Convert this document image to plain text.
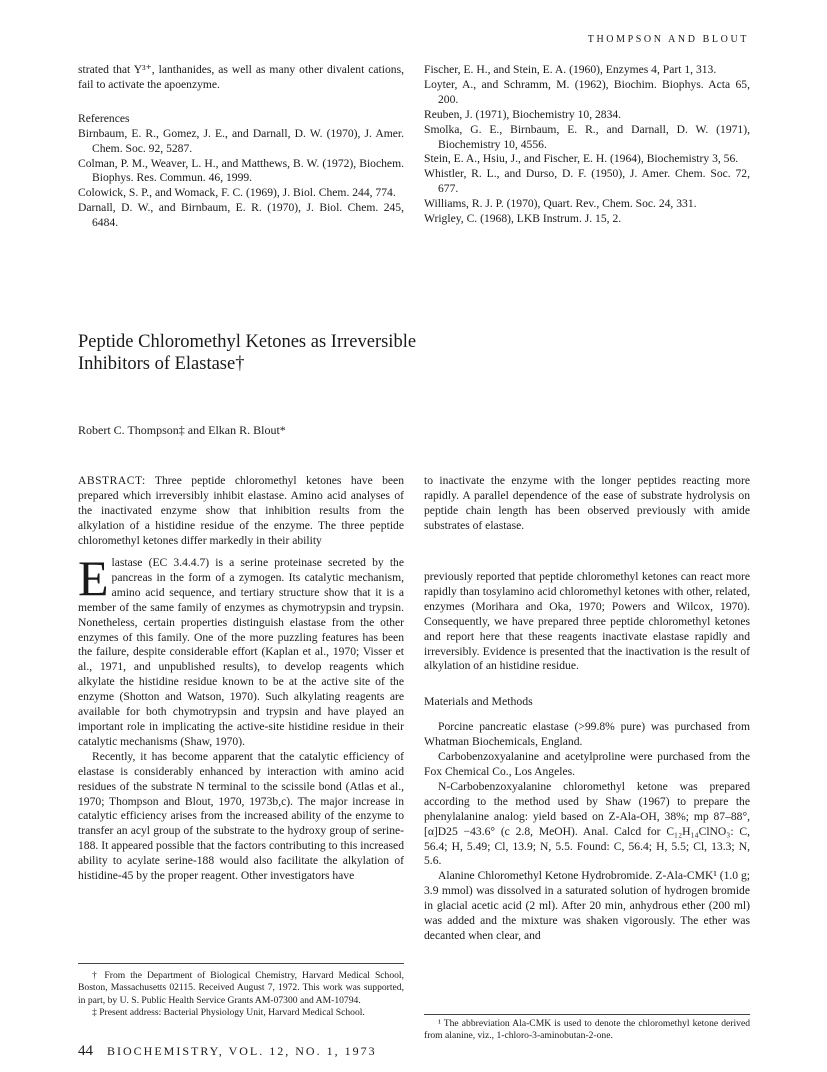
THOMPSON AND BLOUT

strated that Y³⁺, lanthanides, as well as many other divalent cations, fail to activate the apoenzyme.

References

Birnbaum, E. R., Gomez, J. E., and Darnall, D. W. (1970), J. Amer. Chem. Soc. 92, 5287.

Colman, P. M., Weaver, L. H., and Matthews, B. W. (1972), Biochem. Biophys. Res. Commun. 46, 1999.

Colowick, S. P., and Womack, F. C. (1969), J. Biol. Chem. 244, 774.

Darnall, D. W., and Birnbaum, E. R. (1970), J. Biol. Chem. 245, 6484.

Fischer, E. H., and Stein, E. A. (1960), Enzymes 4, Part 1, 313.

Loyter, A., and Schramm, M. (1962), Biochim. Biophys. Acta 65, 200.

Reuben, J. (1971), Biochemistry 10, 2834.

Smolka, G. E., Birnbaum, E. R., and Darnall, D. W. (1971), Biochemistry 10, 4556.

Stein, E. A., Hsiu, J., and Fischer, E. H. (1964), Biochemistry 3, 56.

Whistler, R. L., and Durso, D. F. (1950), J. Amer. Chem. Soc. 72, 677.

Williams, R. J. P. (1970), Quart. Rev., Chem. Soc. 24, 331.

Wrigley, C. (1968), LKB Instrum. J. 15, 2.

Peptide Chloromethyl Ketones as Irreversible
Inhibitors of Elastase†
Robert C. Thompson‡ and Elkan R. Blout*
ABSTRACT: Three peptide chloromethyl ketones have been prepared which irreversibly inhibit elastase. Amino acid analyses of the inactivated enzyme show that inhibition results from the alkylation of a histidine residue of the enzyme. The three peptide chloromethyl ketones differ markedly in their ability
to inactivate the enzyme with the longer peptides reacting more rapidly. A parallel dependence of the ease of substrate hydrolysis on peptide chain length has been observed previously with amide substrates of elastase.

Elastase (EC 3.4.4.7) is a serine proteinase secreted by the pancreas in the form of a zymogen. Its catalytic mechanism, amino acid sequence, and tertiary structure show that it is a member of the same family of enzymes as chymotrypsin and trypsin. Nonetheless, certain properties distinguish elastase from the other enzymes of this family. One of the more puzzling features has been the failure, despite considerable effort (Kaplan et al., 1970; Visser et al., 1971, and unpublished results), to develop reagents which alkylate the histidine residue known to be at the active site of the enzyme (Shotton and Watson, 1970). Such alkylating reagents are available for both chymotrypsin and trypsin and have played an important role in implicating the active-site histidine residue in their catalytic mechanisms (Shaw, 1970).

Recently, it has become apparent that the catalytic efficiency of elastase is considerably enhanced by interaction with amino acid residues of the substrate N terminal to the scissile bond (Atlas et al., 1970; Thompson and Blout, 1970, 1973b,c). The major increase in catalytic efficiency arises from the increased ability of the enzyme to transfer an acyl group of the substrate to the hydroxy group of serine-188. It appeared possible that the factors contributing to this increased ability to acylate serine-188 would also facilitate the alkylation of histidine-45 by the proper reagent. Other investigators have

previously reported that peptide chloromethyl ketones can react more rapidly than tosylamino acid chloromethyl ketones with other, related, enzymes (Morihara and Oka, 1970; Powers and Wilcox, 1970). Consequently, we have prepared three peptide chloromethyl ketones and report here that these reagents inactivate elastase rapidly and irreversibly. Evidence is presented that the inactivation is the result of alkylation of an histidine residue.

Materials and Methods

Porcine pancreatic elastase (>99.8% pure) was purchased from Whatman Biochemicals, England.

Carbobenzoxyalanine and acetylproline were purchased from the Fox Chemical Co., Los Angeles.

N-Carbobenzoxyalanine chloromethyl ketone was prepared according to the method used by Shaw (1967) to prepare the phenylalanine analog: yield based on Z-Ala-OH, 38%; mp 87–88°, [α]D25 −43.6° (c 2.8, MeOH). Anal. Calcd for C₁₂H₁₄ClNO₃: C, 56.4; H, 5.49; Cl, 13.9; N, 5.5. Found: C, 56.4; H, 5.5; Cl, 13.3; N, 5.6.

Alanine Chloromethyl Ketone Hydrobromide. Z-Ala-CMK¹ (1.0 g; 3.9 mmol) was dissolved in a saturated solution of hydrogen bromide in glacial acetic acid (2 ml). After 20 min, anhydrous ether (200 ml) was added and the mixture was shaken vigorously. The ether was decanted when clear, and

† From the Department of Biological Chemistry, Harvard Medical School, Boston, Massachusetts 02115. Received August 7, 1972. This work was supported, in part, by U. S. Public Health Service Grants AM-07300 and AM-10794.

‡ Present address: Bacterial Physiology Unit, Harvard Medical School.

¹ The abbreviation Ala-CMK is used to denote the chloromethyl ketone derived from alanine, viz., 1-chloro-3-aminobutan-2-one.

44 BIOCHEMISTRY, VOL. 12, NO. 1, 1973
